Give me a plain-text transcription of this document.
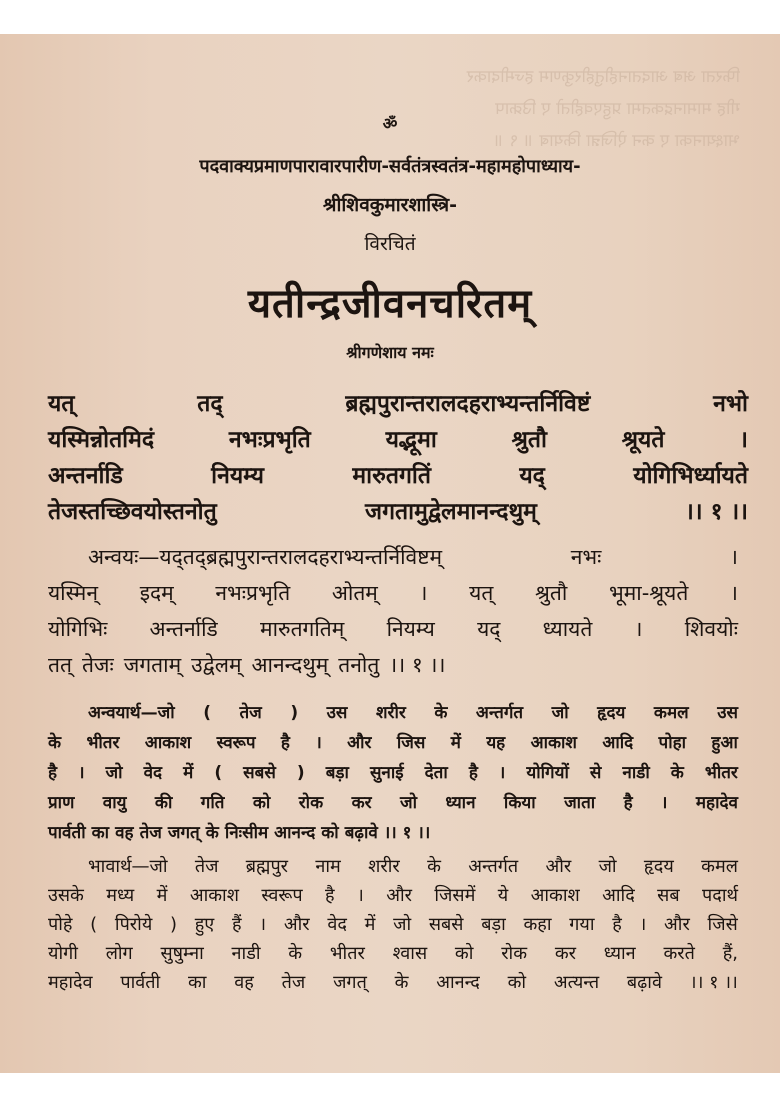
फिरता अब आदतानहीतुहीरकुणम हज्मीदाकर
गीह मामानद्रकतमा प्रहुएवहीतो ए उिक्राप
भाक्ष्यानका ए कन ऐजिन्ना कियाब ॥ ९ ॥
ॐ
पदवाक्यप्रमाणपारावारपारीण-सर्वतंत्रस्वतंत्र-महामहोपाध्याय-
श्रीशिवकुमारशास्त्रि-
विरचितं
यतीन्द्रजीवनचरितम्
श्रीगणेशाय नमः
यत्	तद्	ब्रह्मपुरान्तरालदहराभ्यन्तर्निविष्टं	नभो
यस्मिन्नोतमिदं	नभःप्रभृति	यद्भूमा	श्रुतौ	श्रूयते	।
अन्तर्नाडि	नियम्य	मारुतगतिं	यद्	योगिभिर्ध्यायते
तेजस्तच्छिवयोस्तनोतु	जगतामुद्वेलमानन्दथुम्	।। १ ।।
अन्वयः—यद्तद्ब्रह्मपुरान्तरालदहराभ्यन्तर्निविष्टम्	नभः	।
यस्मिन् इदम् नभःप्रभृति ओतम् । यत् श्रुतौ भूमा-श्रूयते ।
योगिभिः अन्तर्नाडि मारुतगतिम् नियम्य यद् ध्यायते । शिवयोः
तत् तेजः जगताम् उद्वेलम् आनन्दथुम् तनोतु ।। १ ।।
अन्वयार्थ—जो ( तेज ) उस शरीर के अन्तर्गत जो हृदय कमल उस
के भीतर आकाश स्वरूप है । और जिस में यह आकाश आदि पोहा हुआ
है । जो वेद में ( सबसे ) बड़ा सुनाई देता है । योगियों से नाडी के भीतर
प्राण वायु की गति को रोक कर जो ध्यान किया जाता है । महादेव
पार्वती का वह तेज जगत् के निःसीम आनन्द को बढ़ावे ।। १ ।।
भावार्थ—जो तेज ब्रह्मपुर नाम शरीर के अन्तर्गत और जो हृदय कमल
उसके मध्य में आकाश स्वरूप है । और जिसमें ये आकाश आदि सब पदार्थ
पोहे ( पिरोये ) हुए हैं । और वेद में जो सबसे बड़ा कहा गया है । और जिसे
योगी लोग सुषुम्ना नाडी के भीतर श्वास को रोक कर ध्यान करते हैं,
महादेव पार्वती का वह तेज जगत् के आनन्द को अत्यन्त बढ़ावे ।। १ ।।
